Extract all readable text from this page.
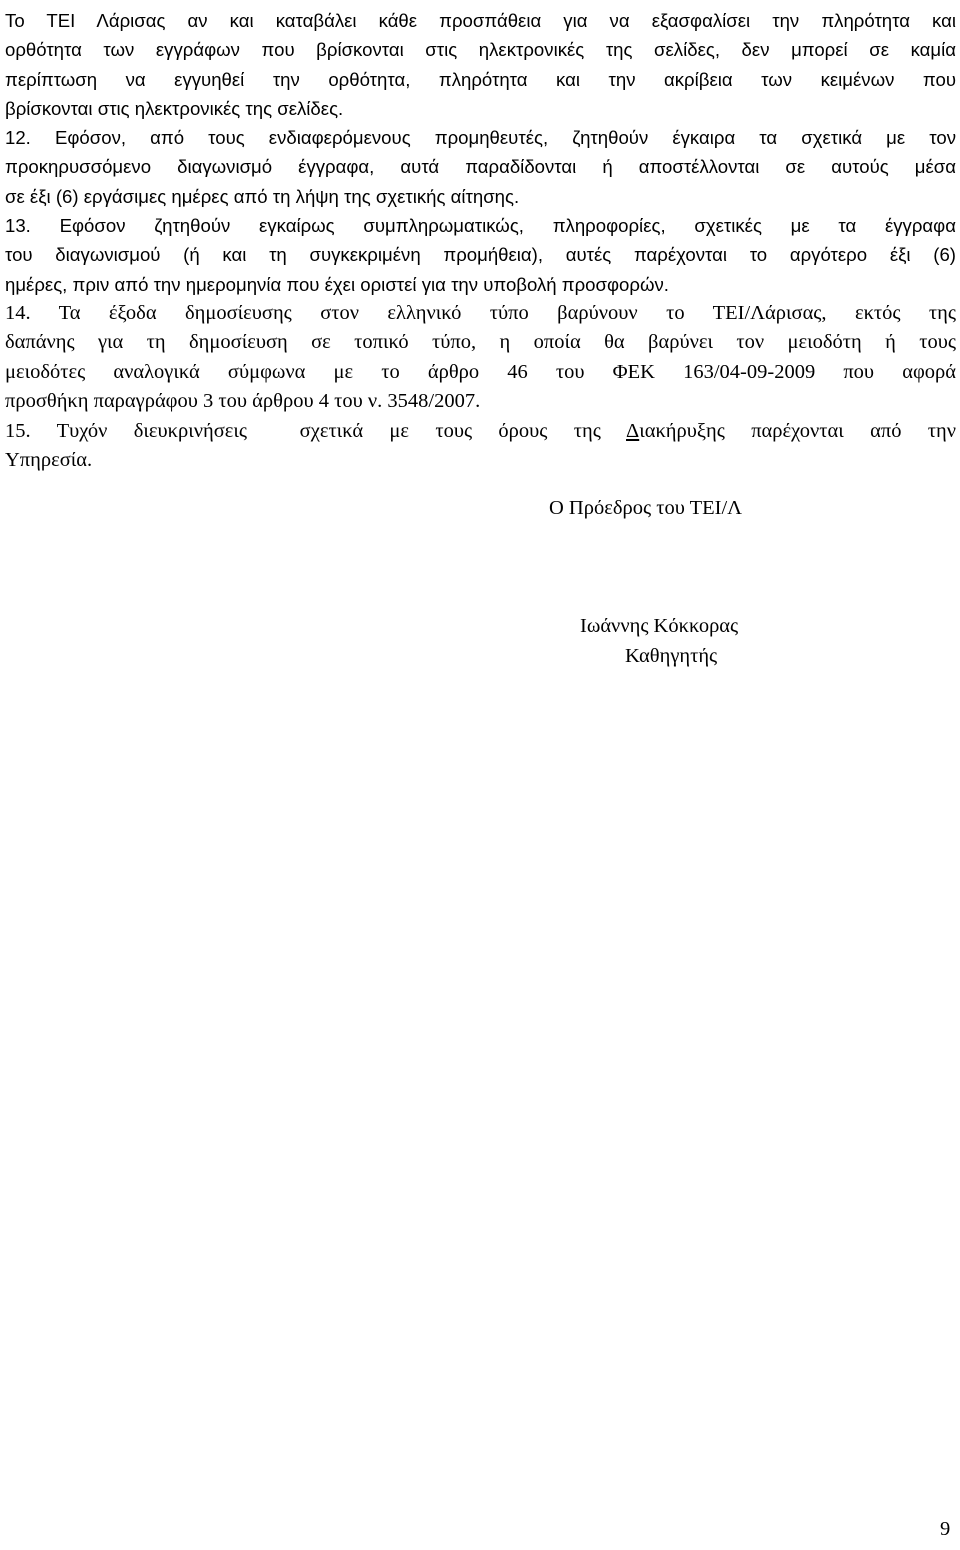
Το ΤΕΙ Λάρισας αν και καταβάλει κάθε προσπάθεια για να εξασφαλίσει την πληρότητα και
ορθότητα των εγγράφων που βρίσκονται στις ηλεκτρονικές της σελίδες, δεν μπορεί σε καμία
περίπτωση να εγγυηθεί την ορθότητα, πληρότητα και την ακρίβεια των κειμένων που
βρίσκονται στις ηλεκτρονικές της σελίδες.

12. Εφόσον, από τους ενδιαφερόμενους προμηθευτές, ζητηθούν έγκαιρα τα σχετικά με τον
προκηρυσσόμενο διαγωνισμό έγγραφα, αυτά παραδίδονται ή αποστέλλονται σε αυτούς μέσα
σε έξι (6) εργάσιμες ημέρες από τη λήψη της σχετικής αίτησης.

13. Εφόσον ζητηθούν εγκαίρως συμπληρωματικώς, πληροφορίες, σχετικές με τα έγγραφα
του διαγωνισμού (ή και τη συγκεκριμένη προμήθεια), αυτές παρέχονται το αργότερο έξι (6)
ημέρες, πριν από την ημερομηνία που έχει οριστεί για την υποβολή προσφορών.

14. Τα έξοδα δημοσίευσης στον ελληνικό τύπο βαρύνουν το ΤΕΙ/Λάρισας, εκτός της
δαπάνης για τη δημοσίευση σε τοπικό τύπο, η οποία θα βαρύνει τον μειοδότη ή τους
μειοδότες αναλογικά σύμφωνα με το άρθρο 46 του ΦΕΚ 163/04-09-2009 που αφορά
προσθήκη παραγράφου 3 του άρθρου 4 του ν. 3548/2007.

15. Τυχόν διευκρινήσεις  σχετικά με τους όρους της Διακήρυξης παρέχονται από την
Υπηρεσία.

Ο Πρόεδρος του ΤΕΙ/Λ
Ιωάννης Κόκκορας
Καθηγητής
9
